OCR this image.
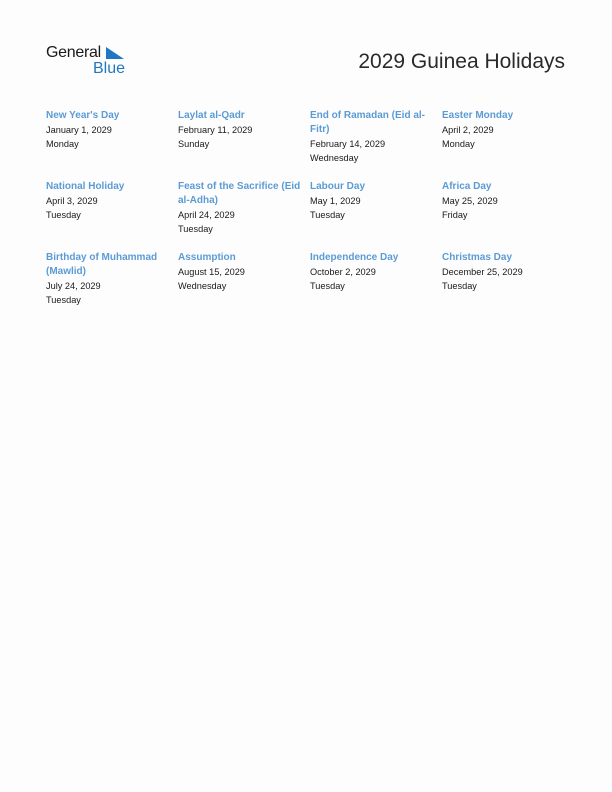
General
Blue	2029 Guinea Holidays
New Year's Day
January 1, 2029
Monday
Laylat al-Qadr
February 11, 2029
Sunday
End of Ramadan (Eid al-Fitr)
February 14, 2029
Wednesday
Easter Monday
April 2, 2029
Monday
National Holiday
April 3, 2029
Tuesday
Feast of the Sacrifice (Eid al-Adha)
April 24, 2029
Tuesday
Labour Day
May 1, 2029
Tuesday
Africa Day
May 25, 2029
Friday
Birthday of Muhammad (Mawlid)
July 24, 2029
Tuesday
Assumption
August 15, 2029
Wednesday
Independence Day
October 2, 2029
Tuesday
Christmas Day
December 25, 2029
Tuesday
